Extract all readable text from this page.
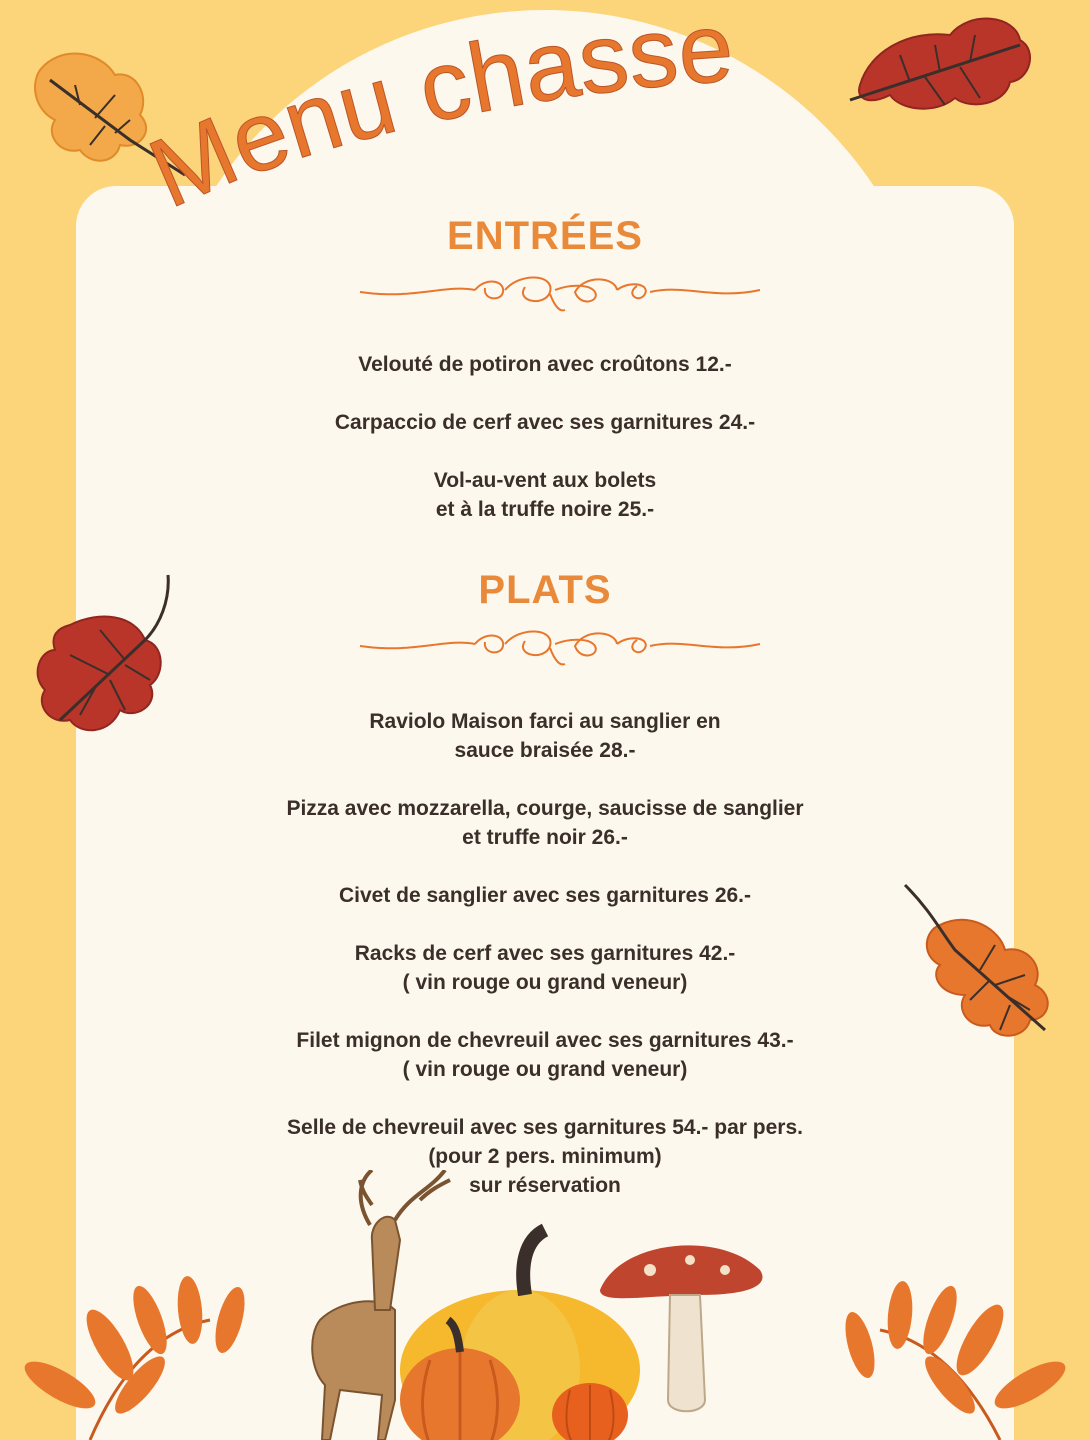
Menu chasse
ENTRÉES
Velouté de potiron avec croûtons 12.-
Carpaccio de cerf avec ses garnitures 24.-
Vol-au-vent aux bolets
et à la truffe noire 25.-
PLATS
Raviolo Maison farci au sanglier en
sauce braisée 28.-
Pizza avec mozzarella, courge, saucisse de sanglier
et truffe noir 26.-
Civet de sanglier avec ses garnitures 26.-
Racks de cerf avec ses garnitures 42.-
( vin rouge ou grand veneur)
Filet mignon de chevreuil avec ses garnitures 43.-
( vin rouge ou grand veneur)
Selle de chevreuil avec ses garnitures 54.- par pers.
(pour 2 pers. minimum)
sur réservation
